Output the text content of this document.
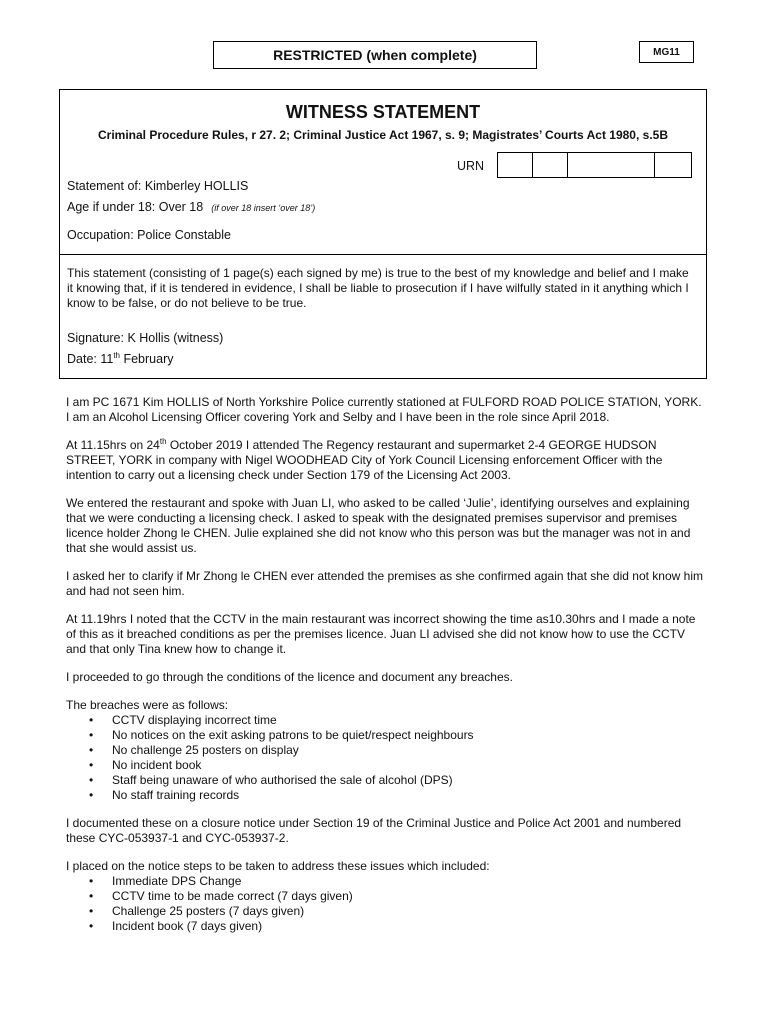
RESTRICTED (when complete)	MG11
WITNESS STATEMENT
Criminal Procedure Rules, r 27. 2; Criminal Justice Act 1967, s. 9; Magistrates’ Courts Act 1980, s.5B
URN
Statement of: Kimberley HOLLIS
Age if under 18: Over 18 (if over 18 insert ‘over 18’)
Occupation: Police Constable
This statement (consisting of 1 page(s) each signed by me) is true to the best of my knowledge and belief and I make it knowing that, if it is tendered in evidence, I shall be liable to prosecution if I have wilfully stated in it anything which I know to be false, or do not believe to be true.
Signature: K Hollis (witness)
Date: 11th February

I am PC 1671 Kim HOLLIS of North Yorkshire Police currently stationed at FULFORD ROAD POLICE STATION, YORK. I am an Alcohol Licensing Officer covering York and Selby and I have been in the role since April 2018.

At 11.15hrs on 24th October 2019 I attended The Regency restaurant and supermarket 2-4 GEORGE HUDSON STREET, YORK in company with Nigel WOODHEAD City of York Council Licensing enforcement Officer with the intention to carry out a licensing check under Section 179 of the Licensing Act 2003.

We entered the restaurant and spoke with Juan LI, who asked to be called ‘Julie’, identifying ourselves and explaining that we were conducting a licensing check. I asked to speak with the designated premises supervisor and premises licence holder Zhong le CHEN. Julie explained she did not know who this person was but the manager was not in and that she would assist us.

I asked her to clarify if Mr Zhong le CHEN ever attended the premises as she confirmed again that she did not know him and had not seen him.

At 11.19hrs I noted that the CCTV in the main restaurant was incorrect showing the time as10.30hrs and I made a note of this as it breached conditions as per the premises licence. Juan LI advised she did not know how to use the CCTV and that only Tina knew how to change it.

I proceeded to go through the conditions of the licence and document any breaches.

The breaches were as follows:

• CCTV displaying incorrect time
• No notices on the exit asking patrons to be quiet/respect neighbours
• No challenge 25 posters on display
• No incident book
• Staff being unaware of who authorised the sale of alcohol (DPS)
• No staff training records

I documented these on a closure notice under Section 19 of the Criminal Justice and Police Act 2001 and numbered these CYC-053937-1 and CYC-053937-2.

I placed on the notice steps to be taken to address these issues which included:

• Immediate DPS Change
• CCTV time to be made correct (7 days given)
• Challenge 25 posters (7 days given)
• Incident book (7 days given)
